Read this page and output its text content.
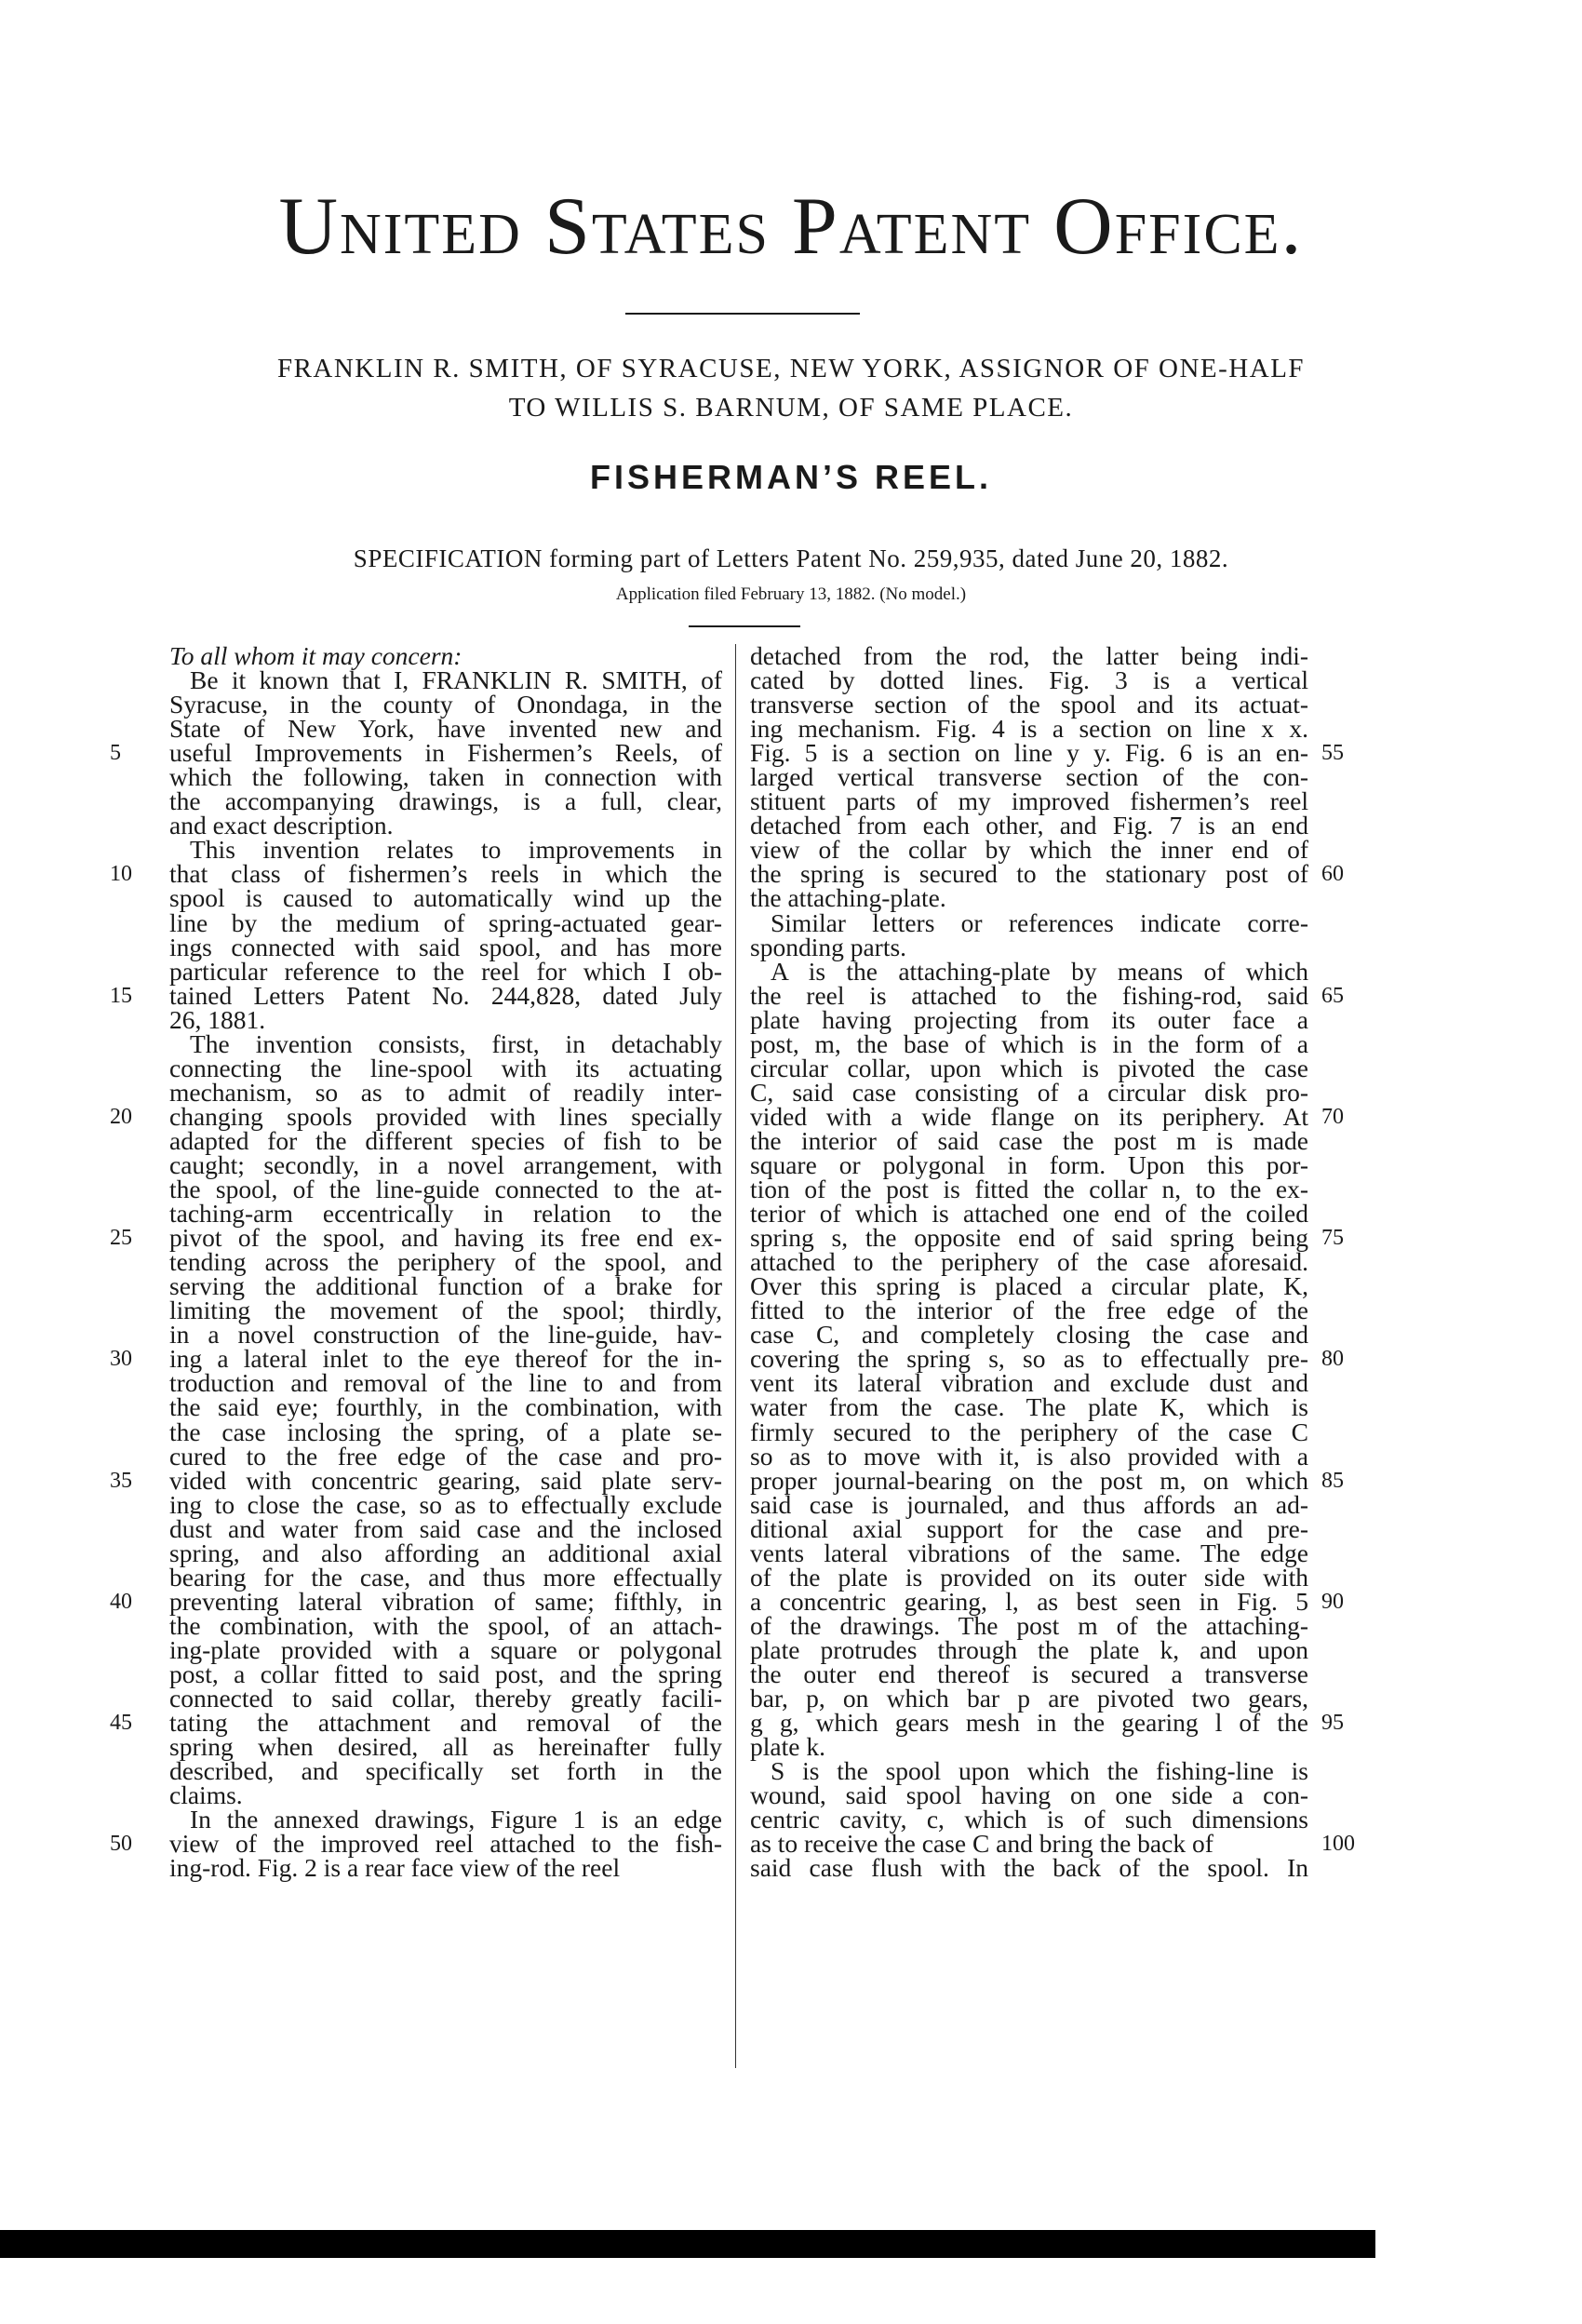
United States Patent Office.
FRANKLIN R. SMITH, OF SYRACUSE, NEW YORK, ASSIGNOR OF ONE-HALF
TO WILLIS S. BARNUM, OF SAME PLACE.
FISHERMAN’S REEL.
SPECIFICATION forming part of Letters Patent No. 259,935, dated June 20, 1882.
Application filed February 13, 1882. (No model.)
5
10
15
20
25
30
35
40
45
50
To all whom it may concern:
Be it known that I, FRANKLIN R. SMITH, of
Syracuse, in the county of Onondaga, in the
State of New York, have invented new and
useful Improvements in Fishermen’s Reels, of
which the following, taken in connection with
the accompanying drawings, is a full, clear,
and exact description.
This invention relates to improvements in
that class of fishermen’s reels in which the
spool is caused to automatically wind up the
line by the medium of spring-actuated gear-
ings connected with said spool, and has more
particular reference to the reel for which I ob-
tained Letters Patent No. 244,828, dated July
26, 1881.
The invention consists, first, in detachably
connecting the line-spool with its actuating
mechanism, so as to admit of readily inter-
changing spools provided with lines specially
adapted for the different species of fish to be
caught; secondly, in a novel arrangement, with
the spool, of the line-guide connected to the at-
taching-arm eccentrically in relation to the
pivot of the spool, and having its free end ex-
tending across the periphery of the spool, and
serving the additional function of a brake for
limiting the movement of the spool; thirdly,
in a novel construction of the line-guide, hav-
ing a lateral inlet to the eye thereof for the in-
troduction and removal of the line to and from
the said eye; fourthly, in the combination, with
the case inclosing the spring, of a plate se-
cured to the free edge of the case and pro-
vided with concentric gearing, said plate serv-
ing to close the case, so as to effectually exclude
dust and water from said case and the inclosed
spring, and also affording an additional axial
bearing for the case, and thus more effectually
preventing lateral vibration of same; fifthly, in
the combination, with the spool, of an attach-
ing-plate provided with a square or polygonal
post, a collar fitted to said post, and the spring
connected to said collar, thereby greatly facili-
tating the attachment and removal of the
spring when desired, all as hereinafter fully
described, and specifically set forth in the
claims.
In the annexed drawings, Figure 1 is an edge
view of the improved reel attached to the fish-
ing-rod. Fig. 2 is a rear face view of the reel
detached from the rod, the latter being indi-
cated by dotted lines. Fig. 3 is a vertical
transverse section of the spool and its actuat-
ing mechanism. Fig. 4 is a section on line x x.
Fig. 5 is a section on line y y. Fig. 6 is an en-
larged vertical transverse section of the con-
stituent parts of my improved fishermen’s reel
detached from each other, and Fig. 7 is an end
view of the collar by which the inner end of
the spring is secured to the stationary post of
the attaching-plate.
Similar letters or references indicate corre-
sponding parts.
A is the attaching-plate by means of which
the reel is attached to the fishing-rod, said
plate having projecting from its outer face a
post, m, the base of which is in the form of a
circular collar, upon which is pivoted the case
C, said case consisting of a circular disk pro-
vided with a wide flange on its periphery. At
the interior of said case the post m is made
square or polygonal in form. Upon this por-
tion of the post is fitted the collar n, to the ex-
terior of which is attached one end of the coiled
spring s, the opposite end of said spring being
attached to the periphery of the case aforesaid.
Over this spring is placed a circular plate, K,
fitted to the interior of the free edge of the
case C, and completely closing the case and
covering the spring s, so as to effectually pre-
vent its lateral vibration and exclude dust and
water from the case. The plate K, which is
firmly secured to the periphery of the case C
so as to move with it, is also provided with a
proper journal-bearing on the post m, on which
said case is journaled, and thus affords an ad-
ditional axial support for the case and pre-
vents lateral vibrations of the same. The edge
of the plate is provided on its outer side with
a concentric gearing, l, as best seen in Fig. 5
of the drawings. The post m of the attaching-
plate protrudes through the plate k, and upon
the outer end thereof is secured a transverse
bar, p, on which bar p are pivoted two gears,
g g, which gears mesh in the gearing l of the
plate k.
S is the spool upon which the fishing-line is
wound, said spool having on one side a con-
centric cavity, c, which is of such dimensions
as to receive the case C and bring the back of
said case flush with the back of the spool. In
55
60
65
70
75
80
85
90
95
100
